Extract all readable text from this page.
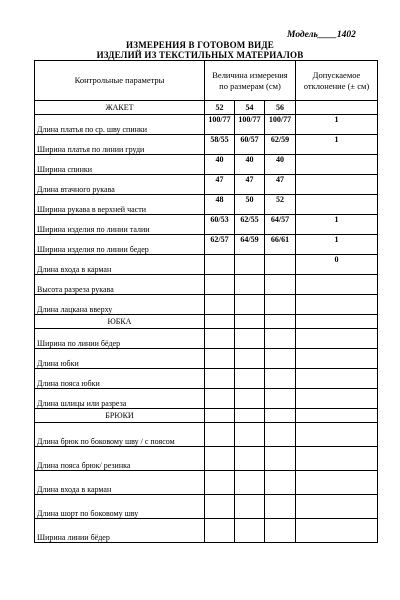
Модель____1402
ИЗМЕРЕНИЯ В ГОТОВОМ ВИДЕ
ИЗДЕЛИЙ ИЗ ТЕКСТИЛЬНЫХ МАТЕРИАЛОВ
Контрольные параметры	Величина измерения по размерам (см)			Допускаемое отклонение (± см)
ЖАКЕТ	52	54	56	
Длина платья по ср. шву спинки	100/77	100/77	100/77	1
Ширина платья по линии груди	58/55	60/57	62/59	1
Ширина спинки	40	40	40	
Длина втачного рукава	47	47	47	
Ширина рукава в верхней части	48	50	52	
Ширина изделия по линии талии	60/53	62/55	64/57	1
Ширина изделия по линии бедер	62/57	64/59	66/61	1
Длина входа в карман				0
Высота разреза рукава				
Длина лацкана вверху				
ЮБКА				
Ширина по линии бёдер				
Длина юбки				
Длина пояса юбки				
Длина шлицы или разреза				
БРЮКИ				
Длина брюк по боковому шву / с поясом				
Длина пояса брюк/ резинка				
Длина входа в карман				
Длина шорт по боковому шву				
Ширина линии бёдер				
